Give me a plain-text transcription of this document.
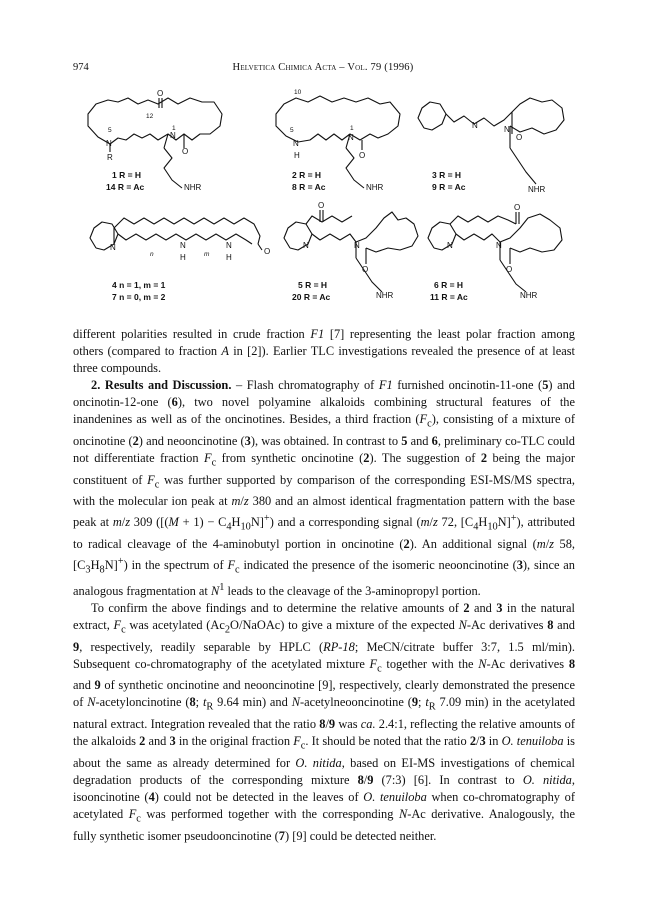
974	Helvetica Chimica Acta – Vol. 79 (1996)
O
12
5	1
N
N
R
O
NHR
1 R = H
14 R = Ac
10
5	1
N
H
N
O
NHR
2 R = H
8 R = Ac
N	N
O
NHR
3 R = H
9 R = Ac
N	N
H
N
H
O
n	m
4 n = 1, m = 1
7 n = 0, m = 2
O
N	N
O
NHR
5 R = H
20 R = Ac
O
N	N
O
NHR
6 R = H
11 R = Ac

different polarities resulted in crude fraction F1 [7] representing the least polar fraction among others (compared to fraction A in [2]). Earlier TLC investigations revealed the presence of at least three compounds.

2. Results and Discussion. – Flash chromatography of F1 furnished oncinotin-11-one (5) and oncinotin-12-one (6), two novel polyamine alkaloids combining structural features of the inandenines as well as of the oncinotines. Besides, a third fraction $(F_c)$, consisting of a mixture of oncinotine (2) and neooncinotine (3), was obtained. In contrast to 5 and 6, preliminary co-TLC could not differentiate fraction $F_c$ from synthetic oncinotine (2). The suggestion of 2 being the major constituent of $F_c$ was further supported by comparison of the corresponding ESI-MS/MS spectra, with the molecular ion peak at m/z 380 and an almost identical fragmentation pattern with the base peak at m/z 309 $([(M + 1) - C_4H_{10}N]^+)$ and a corresponding signal (m/z 72, $[C_4H_{10}N]^+$), attributed to radical cleavage of the 4-aminobutyl portion in oncinotine (2). An additional signal (m/z 58, $[C_3H_8N]^+$) in the spectrum of $F_c$ indicated the presence of the isomeric neooncinotine (3), since an analogous fragmentation at $N^1$ leads to the cleavage of the 3-aminopropyl portion.

To confirm the above findings and to determine the relative amounts of 2 and 3 in the natural extract, $F_c$ was acetylated $(Ac_2O/NaOAc)$ to give a mixture of the expected N-Ac derivatives 8 and 9, respectively, readily separable by HPLC (RP-18; MeCN/citrate buffer 3:7, 1.5 ml/min). Subsequent co-chromatography of the acetylated mixture $F_c$ together with the N-Ac derivatives 8 and 9 of synthetic oncinotine and neooncinotine [9], respectively, clearly demonstrated the presence of N-acetyloncinotine (8; $t_R$ 9.64 min) and N-acetylneooncinotine (9; $t_R$ 7.09 min) in the acetylated natural extract. Integration revealed that the ratio 8/9 was ca. 2.4:1, reflecting the relative amounts of the alkaloids 2 and 3 in the original fraction $F_c$. It should be noted that the ratio 2/3 in O. tenuiloba is about the same as already determined for O. nitida, based on EI-MS investigations of chemical degradation products of the corresponding mixture 8/9 (7:3) [6]. In contrast to O. nitida, isooncinotine (4) could not be detected in the leaves of O. tenuiloba when co-chromatography of acetylated $F_c$ was performed together with the corresponding N-Ac derivative. Analogously, the fully synthetic isomer pseudooncinotine (7) [9] could be detected neither.
